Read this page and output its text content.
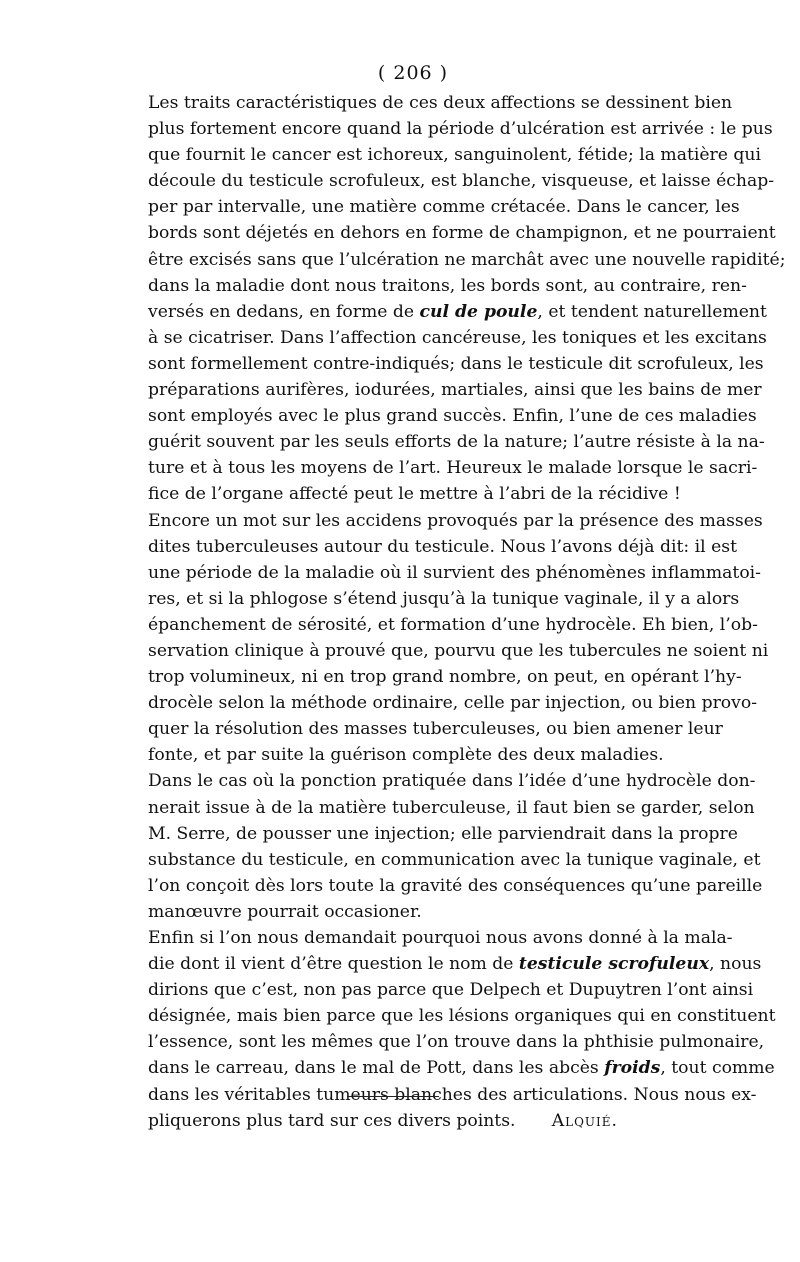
( 206 )

Les traits caractéristiques de ces deux affections se dessinent bien
plus fortement encore quand la période d’ulcération est arrivée : le pus
que fournit le cancer est ichoreux, sanguinolent, fétide; la matière qui
découle du testicule scrofuleux, est blanche, visqueuse, et laisse échap-
per par intervalle, une matière comme crétacée. Dans le cancer, les
bords sont déjetés en dehors en forme de champignon, et ne pourraient
être excisés sans que l’ulcération ne marchât avec une nouvelle rapidité;
dans la maladie dont nous traitons, les bords sont, au contraire, ren-
versés en dedans, en forme de cul de poule, et tendent naturellement
à se cicatriser. Dans l’affection cancéreuse, les toniques et les excitans
sont formellement contre-indiqués; dans le testicule dit scrofuleux, les
préparations aurifères, iodurées, martiales, ainsi que les bains de mer
sont employés avec le plus grand succès. Enfin, l’une de ces maladies
guérit souvent par les seuls efforts de la nature; l’autre résiste à la na-
ture et à tous les moyens de l’art. Heureux le malade lorsque le sacri-
fice de l’organe affecté peut le mettre à l’abri de la récidive !

Encore un mot sur les accidens provoqués par la présence des masses
dites tuberculeuses autour du testicule. Nous l’avons déjà dit: il est
une période de la maladie où il survient des phénomènes inflammatoi-
res, et si la phlogose s’étend jusqu’à la tunique vaginale, il y a alors
épanchement de sérosité, et formation d’une hydrocèle. Eh bien, l’ob-
servation clinique à prouvé que, pourvu que les tubercules ne soient ni
trop volumineux, ni en trop grand nombre, on peut, en opérant l’hy-
drocèle selon la méthode ordinaire, celle par injection, ou bien provo-
quer la résolution des masses tuberculeuses, ou bien amener leur
fonte, et par suite la guérison complète des deux maladies.

Dans le cas où la ponction pratiquée dans l’idée d’une hydrocèle don-
nerait issue à de la matière tuberculeuse, il faut bien se garder, selon
M. Serre, de pousser une injection; elle parviendrait dans la propre
substance du testicule, en communication avec la tunique vaginale, et
l’on conçoit dès lors toute la gravité des conséquences qu’une pareille
manœuvre pourrait occasioner.

Enfin si l’on nous demandait pourquoi nous avons donné à la mala-
die dont il vient d’être question le nom de testicule scrofuleux, nous
dirions que c’est, non pas parce que Delpech et Dupuytren l’ont ainsi
désignée, mais bien parce que les lésions organiques qui en constituent
l’essence, sont les mêmes que l’on trouve dans la phthisie pulmonaire,
dans le carreau, dans le mal de Pott, dans les abcès froids, tout comme
dans les véritables tumeurs blanches des articulations. Nous nous ex-

pliquerons plus tard sur ces divers points. Alquié.
